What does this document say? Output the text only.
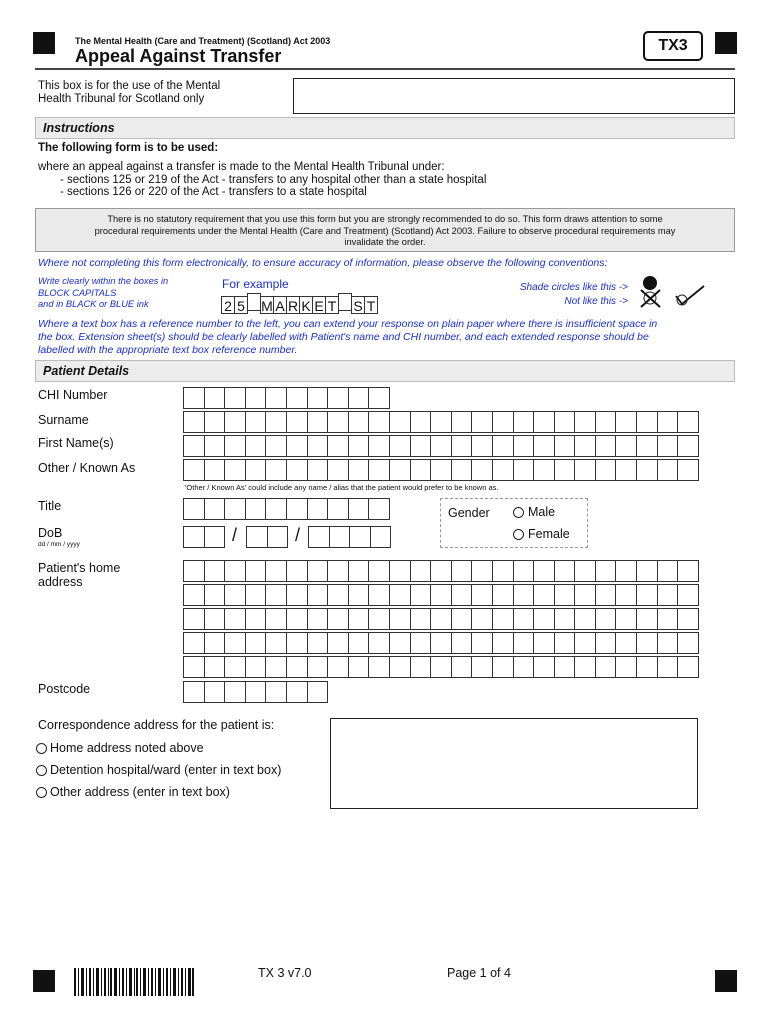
The Mental Health (Care and Treatment) (Scotland) Act 2003
Appeal Against Transfer
TX3
This box is for the use of the Mental
Health Tribunal for Scotland only
Instructions
The following form is to be used:
where an appeal against a transfer is made to the Mental Health Tribunal under:
- sections 125 or 219 of the Act - transfers to any hospital other than a state hospital
- sections 126 or 220 of the Act - transfers to a state hospital
There is no statutory requirement that you use this form but you are strongly recommended to do so. This form draws attention to some
procedural requirements under the Mental Health (Care and Treatment) (Scotland) Act 2003. Failure to observe procedural requirements may
invalidate the order.
Where not completing this form electronically, to ensure accuracy of information, please observe the following conventions:
Write clearly within the boxes in
BLOCK CAPITALS
and in BLACK or BLUE ink
For example
2 5 M A R K E T S T
Shade circles like this ->
Not like this ->
Where a text box has a reference number to the left, you can extend your response on plain paper where there is insufficient space in
the box. Extension sheet(s) should be clearly labelled with Patient's name and CHI number, and each extended response should be
labelled with the appropriate text box reference number.
Patient Details
CHI Number
Surname
First Name(s)
Other / Known As
'Other / Known As' could include any name / alias that the patient would prefer to be known as.
Title
DoB
dd / mm / yyyy	/	/
Gender	Male
Female
Patient's home
address
Postcode
Correspondence address for the patient is:
Home address noted above
Detention hospital/ward (enter in text box)
Other address (enter in text box)
TX 3 v7.0	Page 1 of 4
